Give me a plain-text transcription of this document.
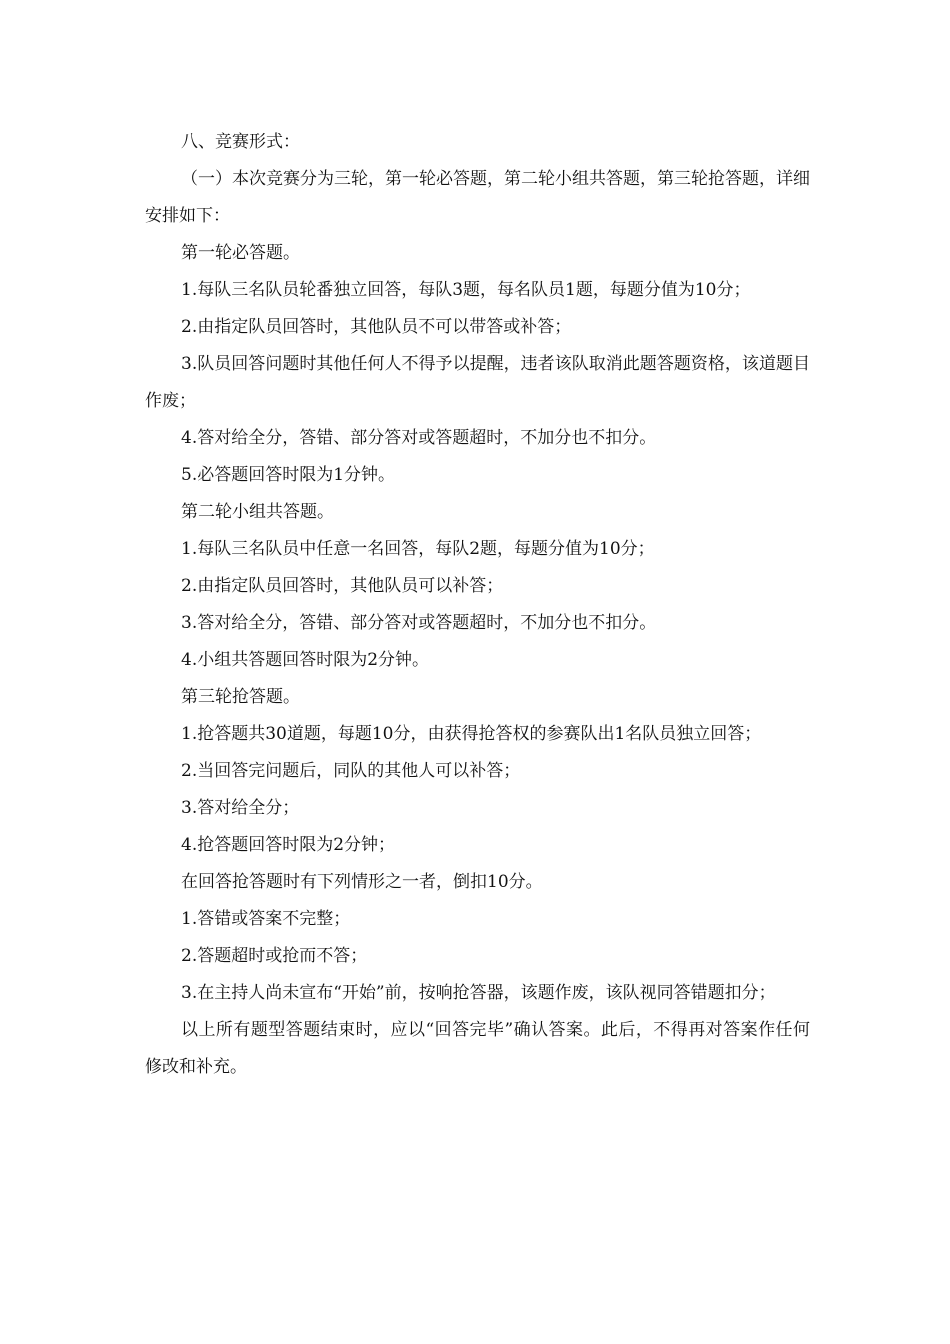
八、竞赛形式：

（一）本次竞赛分为三轮，第一轮必答题，第二轮小组共答题，第三轮抢答题，详细安排如下：

第一轮必答题。

1.每队三名队员轮番独立回答，每队3题，每名队员1题，每题分值为10分；

2.由指定队员回答时，其他队员不可以带答或补答；

3.队员回答问题时其他任何人不得予以提醒，违者该队取消此题答题资格，该道题目作废；

4.答对给全分，答错、部分答对或答题超时，不加分也不扣分。

5.必答题回答时限为1分钟。

第二轮小组共答题。

1.每队三名队员中任意一名回答，每队2题，每题分值为10分；

2.由指定队员回答时，其他队员可以补答；

3.答对给全分，答错、部分答对或答题超时，不加分也不扣分。

4.小组共答题回答时限为2分钟。

第三轮抢答题。

1.抢答题共30道题，每题10分，由获得抢答权的参赛队出1名队员独立回答；

2.当回答完问题后，同队的其他人可以补答；

3.答对给全分；

4.抢答题回答时限为2分钟；

在回答抢答题时有下列情形之一者，倒扣10分。

1.答错或答案不完整；

2.答题超时或抢而不答；

3.在主持人尚未宣布“开始”前，按响抢答器，该题作废，该队视同答错题扣分；

以上所有题型答题结束时，应以“回答完毕”确认答案。此后，不得再对答案作任何修改和补充。
